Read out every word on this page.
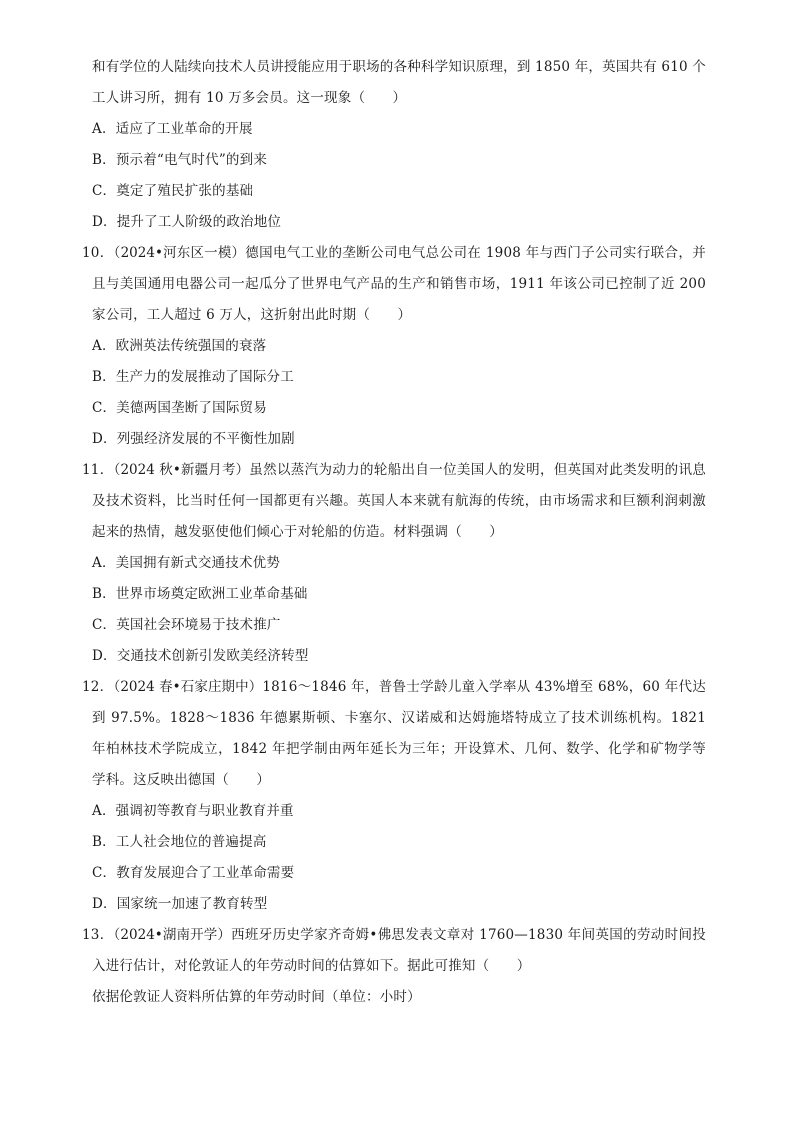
和有学位的人陆续向技术人员讲授能应用于职场的各种科学知识原理，到 1850 年，英国共有 610 个工人讲习所，拥有 10 万多会员。这一现象（　　）

A．适应了工业革命的开展

B．预示着“电气时代”的到来

C．奠定了殖民扩张的基础

D．提升了工人阶级的政治地位

10．（2024•河东区一模）德国电气工业的垄断公司电气总公司在 1908 年与西门子公司实行联合，并且与美国通用电器公司一起瓜分了世界电气产品的生产和销售市场，1911 年该公司已控制了近 200 家公司，工人超过 6 万人，这折射出此时期（　　）

A．欧洲英法传统强国的衰落

B．生产力的发展推动了国际分工

C．美德两国垄断了国际贸易

D．列强经济发展的不平衡性加剧

11．（2024 秋•新疆月考）虽然以蒸汽为动力的轮船出自一位美国人的发明，但英国对此类发明的讯息及技术资料，比当时任何一国都更有兴趣。英国人本来就有航海的传统，由市场需求和巨额利润刺激起来的热情，越发驱使他们倾心于对轮船的仿造。材料强调（　　）

A．美国拥有新式交通技术优势

B．世界市场奠定欧洲工业革命基础

C．英国社会环境易于技术推广

D．交通技术创新引发欧美经济转型

12．（2024 春•石家庄期中）1816～1846 年，普鲁士学龄儿童入学率从 43%增至 68%，60 年代达到 97.5%。1828～1836 年德累斯顿、卡塞尔、汉诺威和达姆施塔特成立了技术训练机构。1821 年柏林技术学院成立，1842 年把学制由两年延长为三年；开设算术、几何、数学、化学和矿物学等学科。这反映出德国（　　）

A．强调初等教育与职业教育并重

B．工人社会地位的普遍提高

C．教育发展迎合了工业革命需要

D．国家统一加速了教育转型

13．（2024•湖南开学）西班牙历史学家齐奇姆•佛思发表文章对 1760—1830 年间英国的劳动时间投入进行估计，对伦敦证人的年劳动时间的估算如下。据此可推知（　　）

依据伦敦证人资料所估算的年劳动时间（单位：小时）
